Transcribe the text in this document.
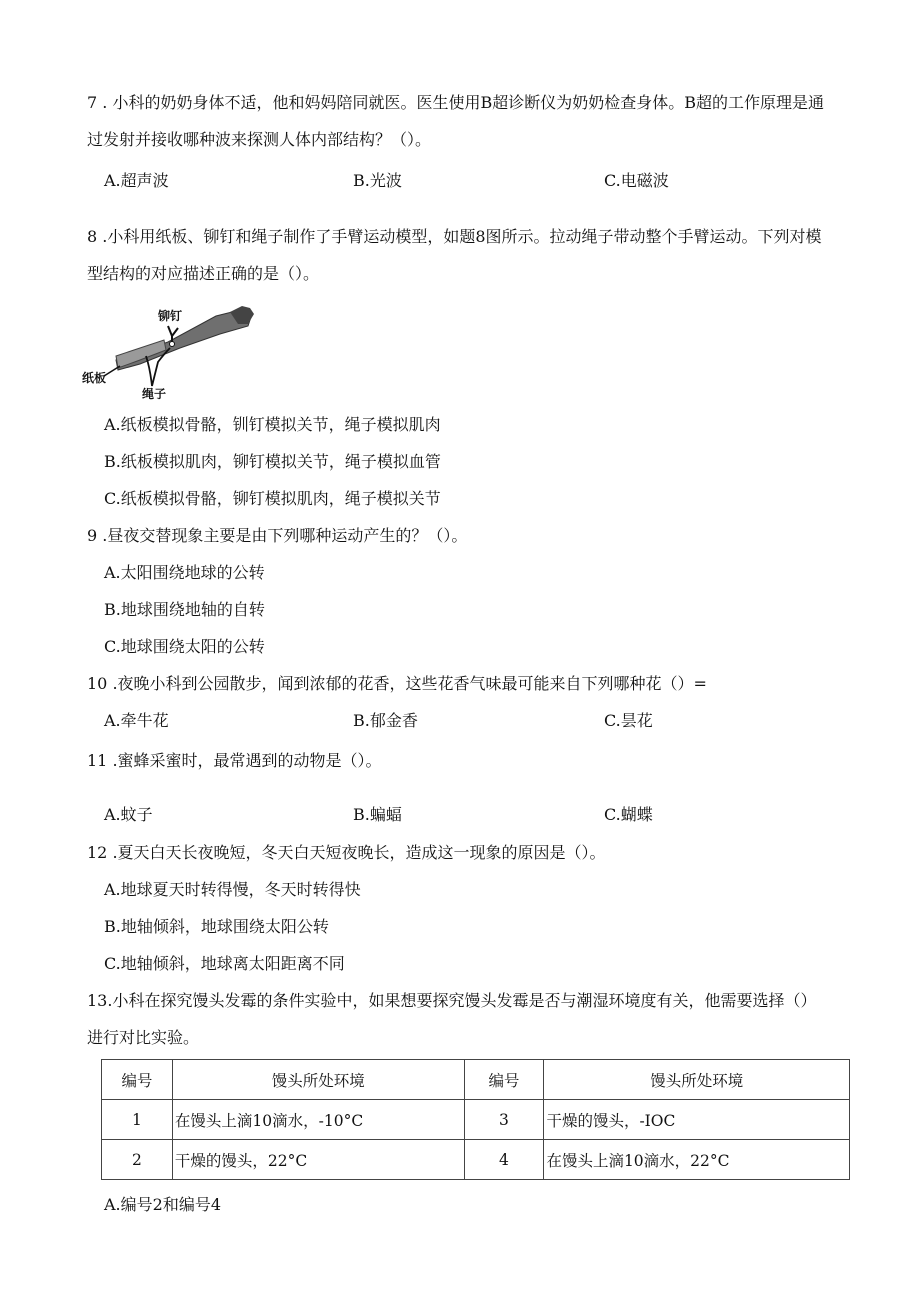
7 . 小科的奶奶身体不适，他和妈妈陪同就医。医生使用B超诊断仪为奶奶检查身体。B超的工作原理是通
过发射并接收哪种波来探测人体内部结构？（）。
A.超声波	B.光波	C.电磁波
8 .小科用纸板、铆钉和绳子制作了手臂运动模型，如题8图所示。拉动绳子带动整个手臂运动。下列对模
型结构的对应描述正确的是（）。
铆钉
纸板
绳子
A.纸板模拟骨骼，钏钉模拟关节，绳子模拟肌肉
B.纸板模拟肌肉，铆钉模拟关节，绳子模拟血管
C.纸板模拟骨骼，铆钉模拟肌肉，绳子模拟关节
9 .昼夜交替现象主要是由下列哪种运动产生的？（）。
A.太阳围绕地球的公转
B.地球围绕地轴的自转
C.地球围绕太阳的公转
10 .夜晚小科到公园散步，闻到浓郁的花香，这些花香气味最可能来自下列哪种花（）=
A.牵牛花	B.郁金香	C.昙花
11 .蜜蜂采蜜时，最常遇到的动物是（）。
A.蚊子	B.蝙蝠	C.蝴蝶
12 .夏天白天长夜晚短，冬天白天短夜晚长，造成这一现象的原因是（）。
A.地球夏天时转得慢，冬天时转得快
B.地轴倾斜，地球围绕太阳公转
C.地轴倾斜，地球离太阳距离不同
13.小科在探究馒头发霉的条件实验中，如果想要探究馒头发霉是否与潮湿环境度有关，他需要选择（）
进行对比实验。
编号	馒头所处环境	编号	馒头所处环境
1	在馒头上滴10滴水，-10°C	3	干燥的馒头，-IOC
2	干燥的馒头，22°C	4	在馒头上滴10滴水，22°C
A.编号2和编号4
